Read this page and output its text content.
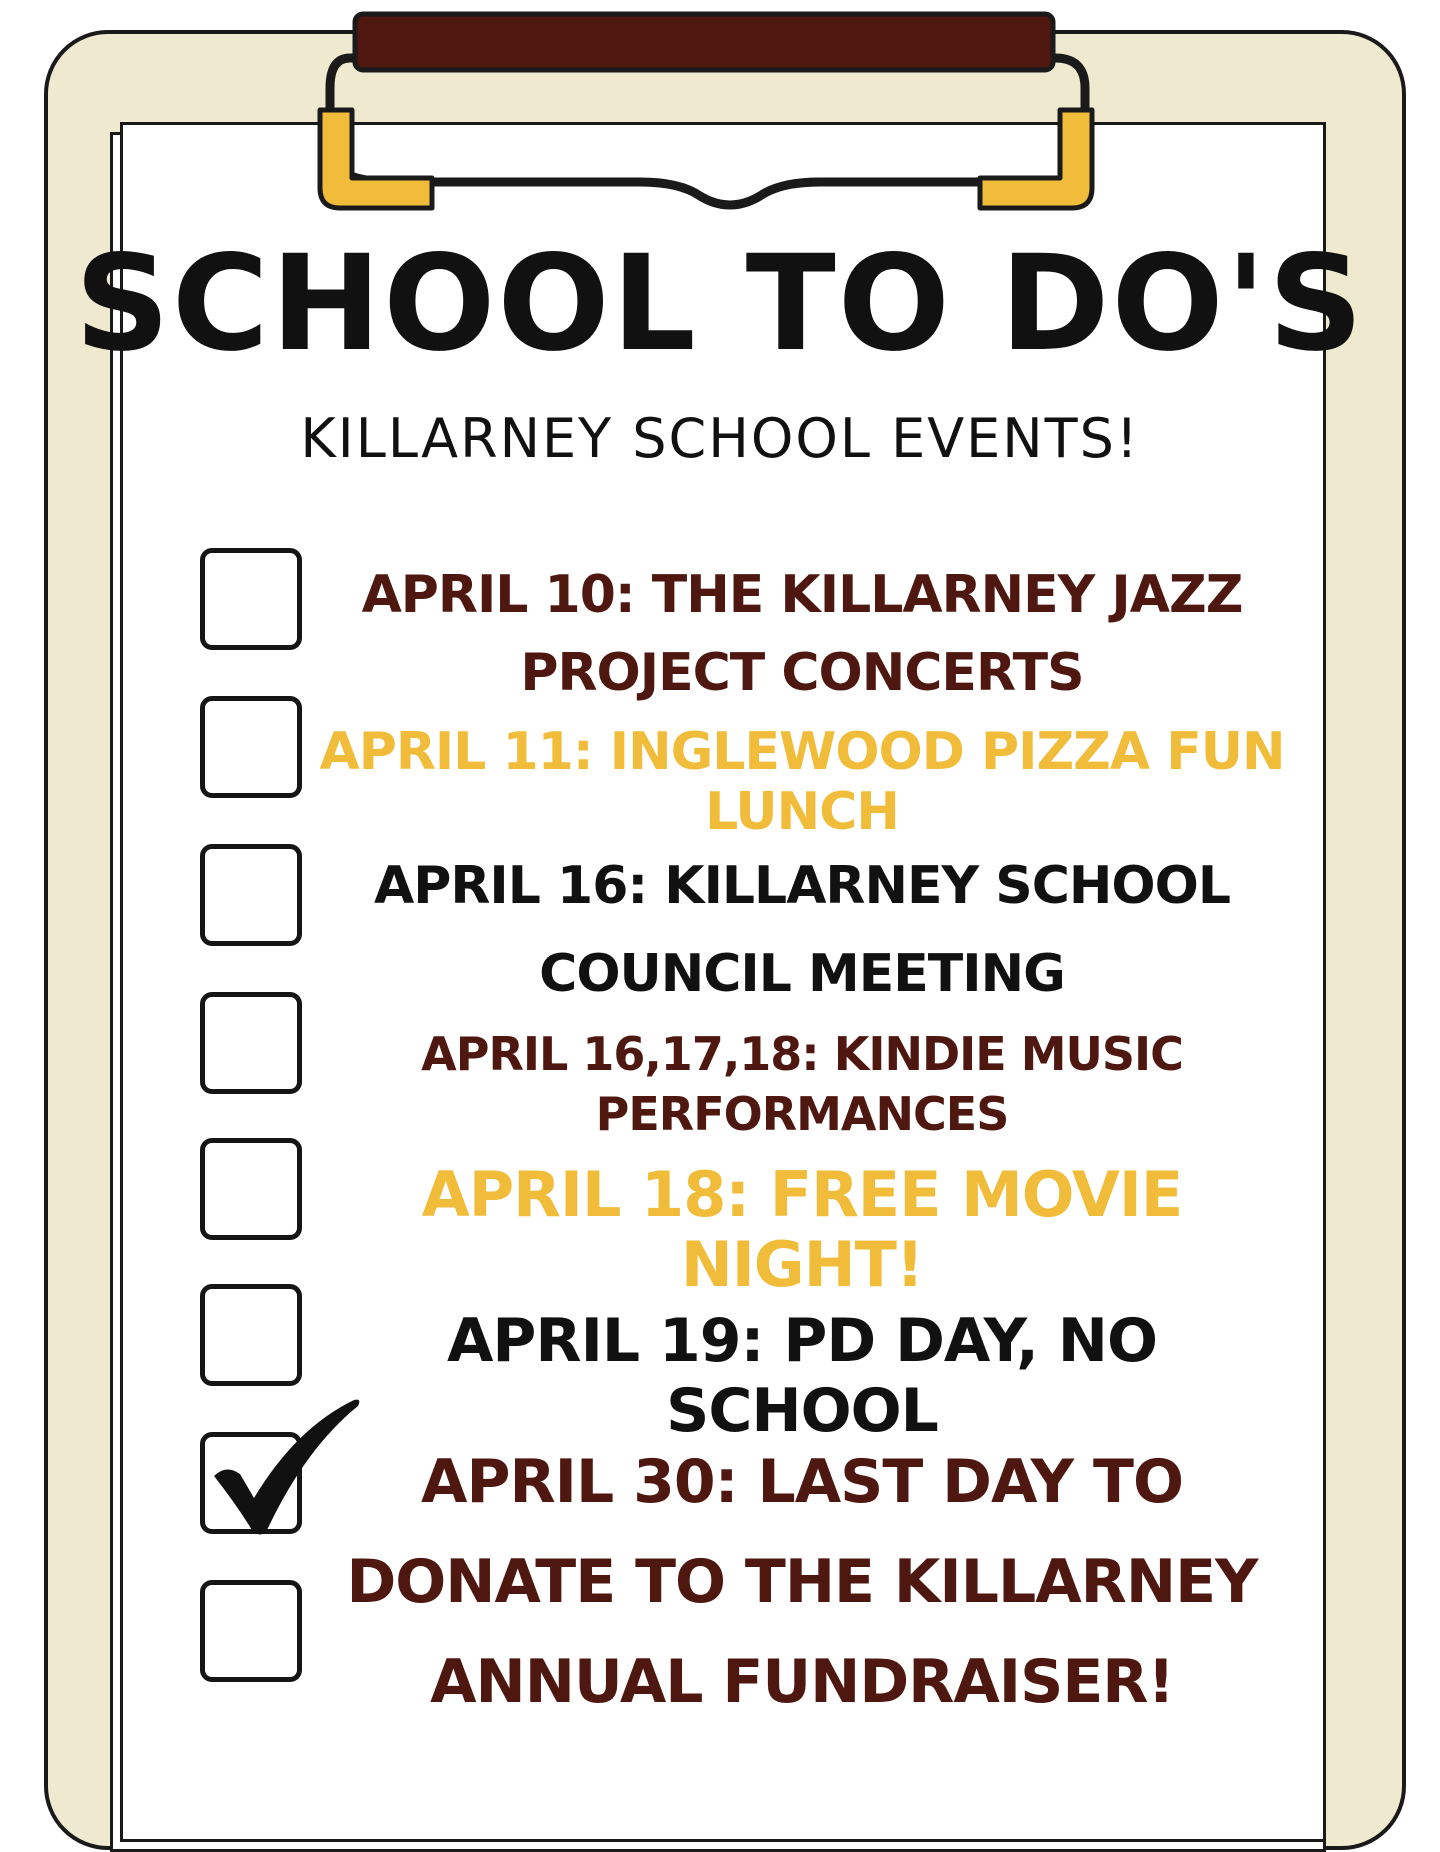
SCHOOL TO DO'S
KILLARNEY SCHOOL EVENTS!
APRIL 10: THE KILLARNEY JAZZ PROJECT CONCERTS
APRIL 11: INGLEWOOD PIZZA FUN LUNCH
APRIL 16: KILLARNEY SCHOOL COUNCIL MEETING
APRIL 16,17,18: KINDIE MUSIC PERFORMANCES
APRIL 18: FREE MOVIE NIGHT!
APRIL 19: PD DAY, NO SCHOOL
APRIL 30: LAST DAY TO DONATE TO THE KILLARNEY ANNUAL FUNDRAISER!
